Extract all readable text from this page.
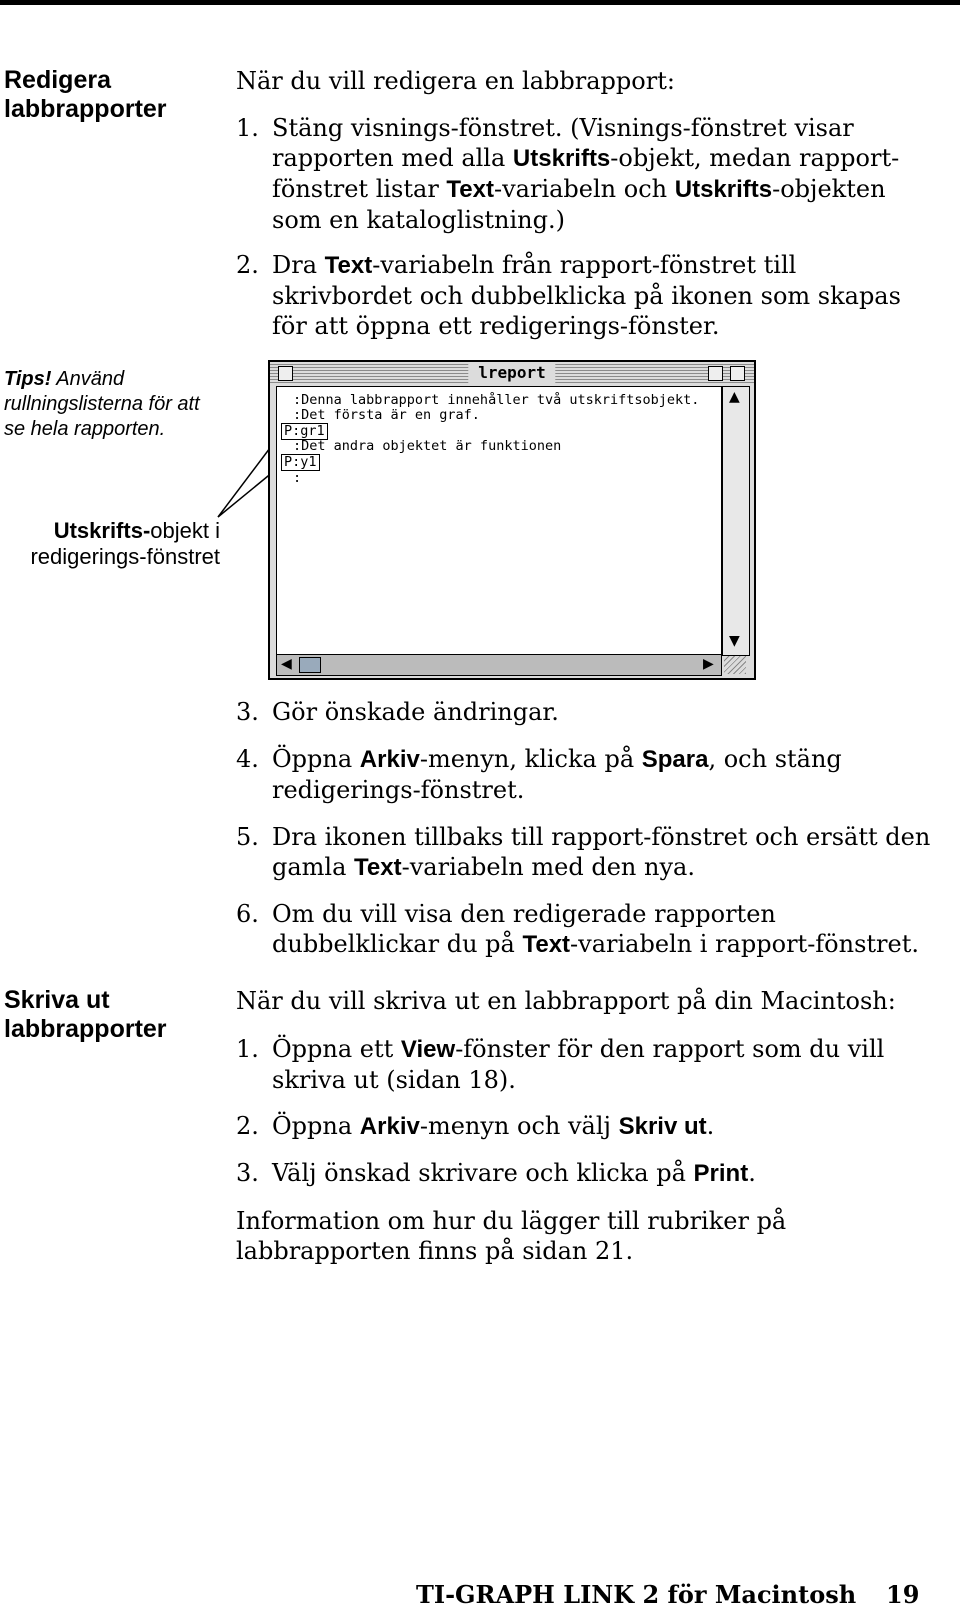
Redigera
labbrapporter
När du vill redigera en labbrapport:
1. Stäng visnings-fönstret. (Visnings-fönstret visar rapporten med alla Utskrifts-objekt, medan rapport-fönstret listar Text-variabeln och Utskrifts-objekten som en kataloglistning.)
2. Dra Text-variabeln från rapport-fönstret till skrivbordet och dubbelklicka på ikonen som skapas för att öppna ett redigerings-fönster.
Tips! Använd rullningslisterna för att se hela rapporten.
Utskrifts-objekt i redigerings-fönstret
lreport
:Denna labbrapport innehåller två utskriftsobjekt.
:Det första är en graf.
P:gr1
:Det andra objektet är funktionen
P:y1
:
▲
▼
◀	▶
3. Gör önskade ändringar.
4. Öppna Arkiv-menyn, klicka på Spara, och stäng redigerings-fönstret.
5. Dra ikonen tillbaks till rapport-fönstret och ersätt den gamla Text-variabeln med den nya.
6. Om du vill visa den redigerade rapporten dubbelklickar du på Text-variabeln i rapport-fönstret.
Skriva ut
labbrapporter
När du vill skriva ut en labbrapport på din Macintosh:
1. Öppna ett View-fönster för den rapport som du vill skriva ut (sidan 18).
2. Öppna Arkiv-menyn och välj Skriv ut.
3. Välj önskad skrivare och klicka på Print.
Information om hur du lägger till rubriker på labbrapporten finns på sidan 21.
TI-GRAPH LINK 2 för Macintosh 19
